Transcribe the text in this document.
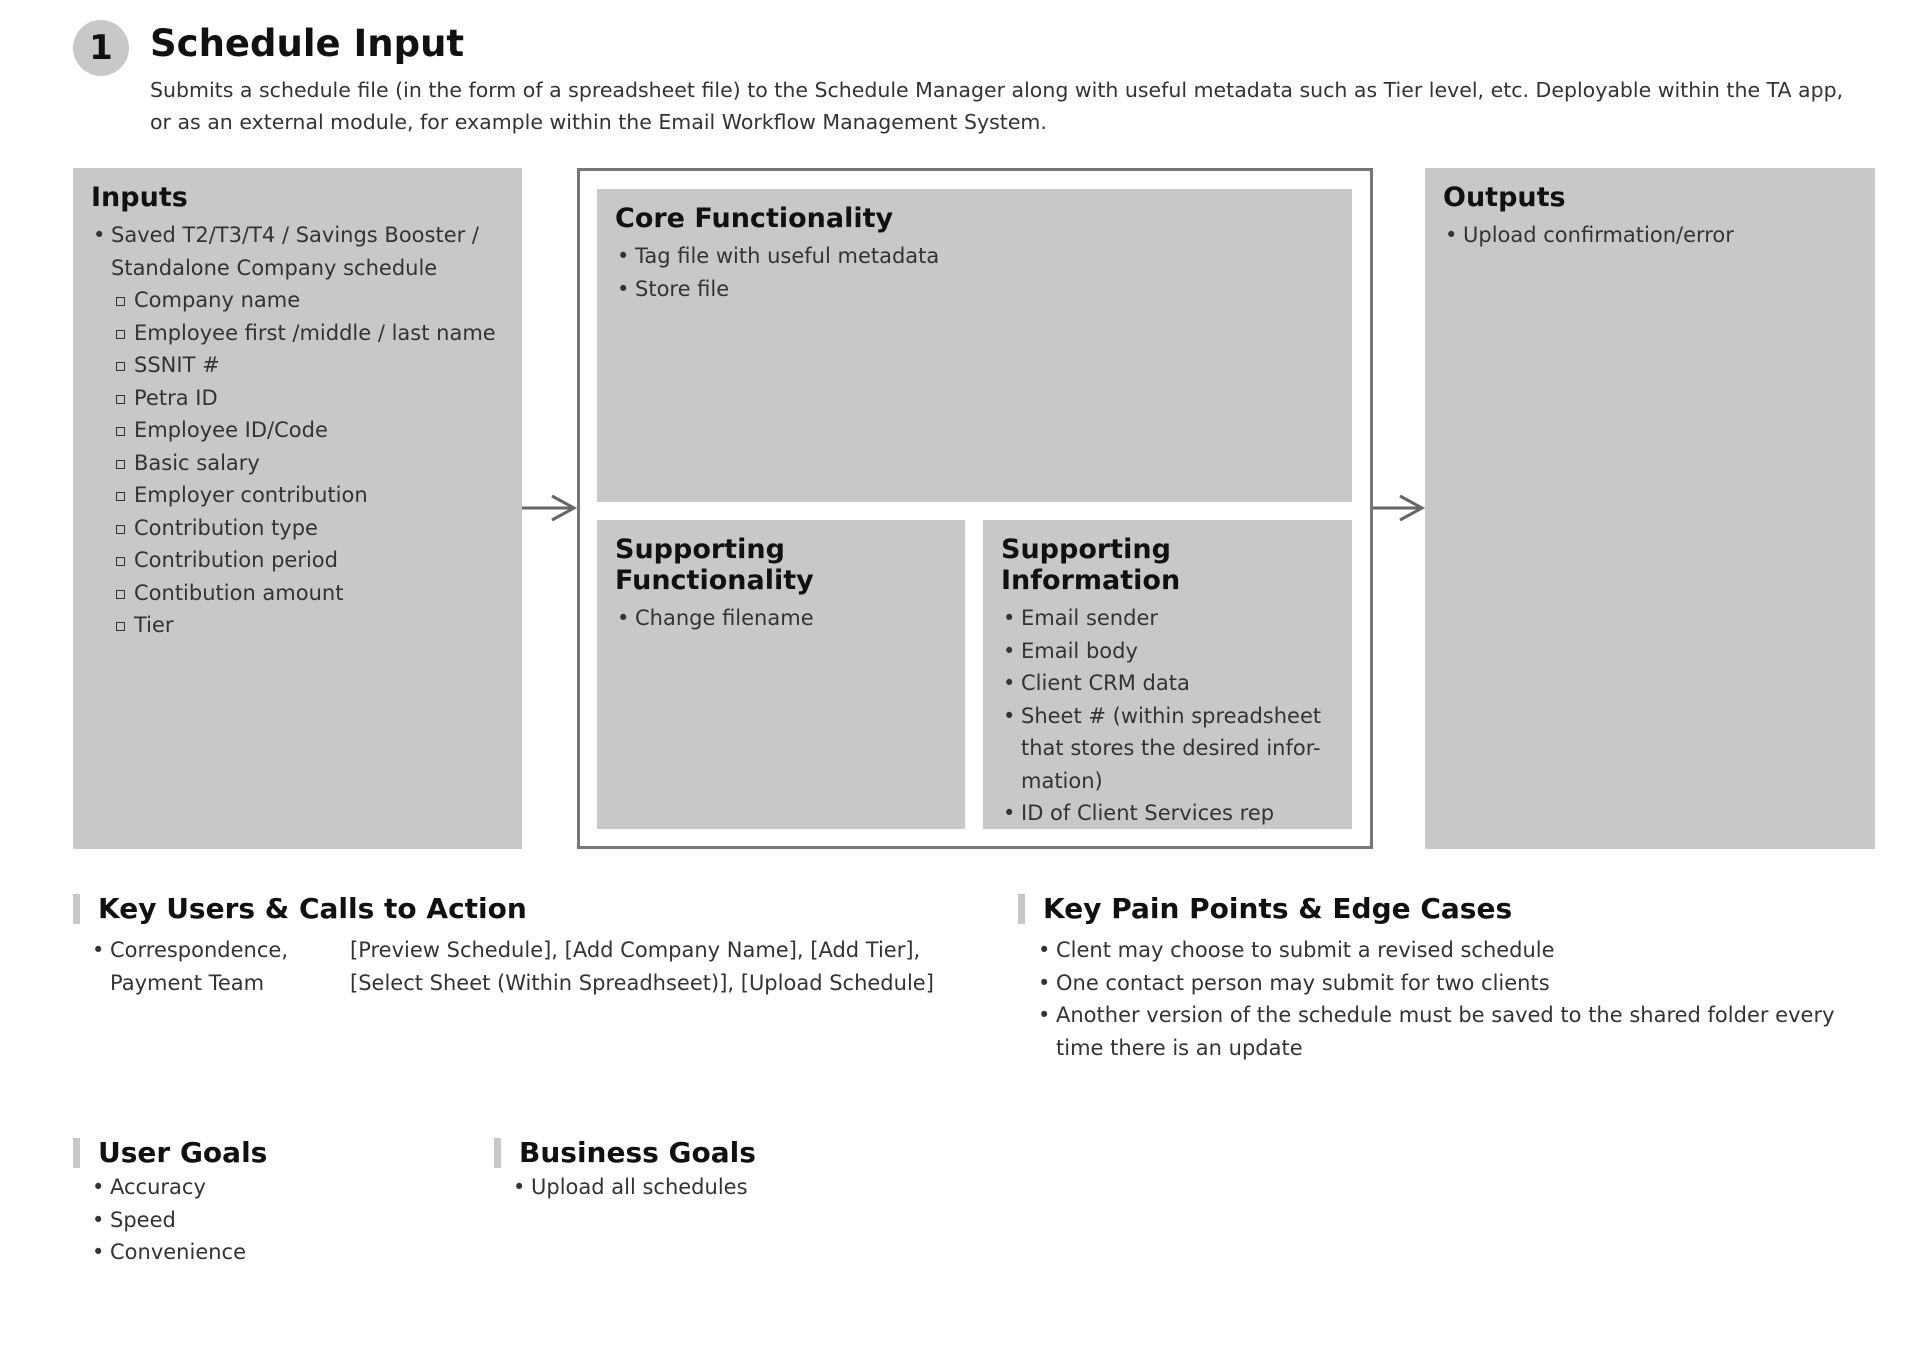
1	Schedule Input
Submits a schedule file (in the form of a spreadsheet file) to the Schedule Manager along with useful metadata such as Tier level, etc. Deployable within the TA app, or as an external module, for example within the Email Workflow Management System.
Inputs
• Saved T2/T3/T4 / Savings Booster / Standalone Company schedule
Company name
Employee first /middle / last name
SSNIT #
Petra ID
Employee ID/Code
Basic salary
Employer contribution
Contribution type
Contribution period
Contibution amount
Tier
Core Functionality
• Tag file with useful metadata
• Store file
Supporting Functionality
• Change filename
Supporting Information
• Email sender
• Email body
• Client CRM data
• Sheet # (within spreadsheet that stores the desired infor-mation)
• ID of Client Services rep
Outputs
• Upload confirmation/error
Key Users & Calls to Action
• Correspondence, Payment Team

[Preview Schedule], [Add Company Name], [Add Tier], [Select Sheet (Within Spreadhseet)], [Upload Schedule]

Key Pain Points & Edge Cases
• Clent may choose to submit a revised schedule
• One contact person may submit for two clients
• Another version of the schedule must be saved to the shared folder every time there is an update
User Goals
• Accuracy
• Speed
• Convenience
Business Goals
• Upload all schedules
